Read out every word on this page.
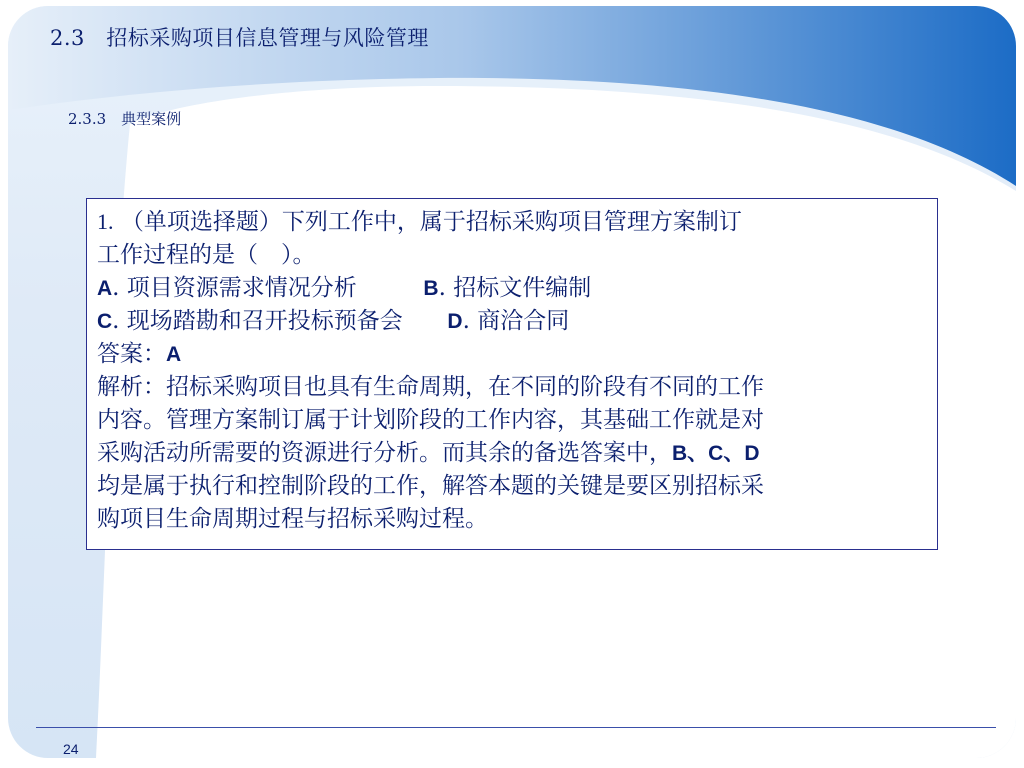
2.3　招标采购项目信息管理与风险管理
2.3.3　典型案例
1. （单项选择题）下列工作中，属于招标采购项目管理方案制订
工作过程的是（　）。
A. 项目资源需求情况分析	B. 招标文件编制
C. 现场踏勘和召开投标预备会 D. 商洽合同
答案：A
解析：招标采购项目也具有生命周期，在不同的阶段有不同的工作
内容。管理方案制订属于计划阶段的工作内容，其基础工作就是对
采购活动所需要的资源进行分析。而其余的备选答案中，B、C、D
均是属于执行和控制阶段的工作，解答本题的关键是要区别招标采
购项目生命周期过程与招标采购过程。
24
